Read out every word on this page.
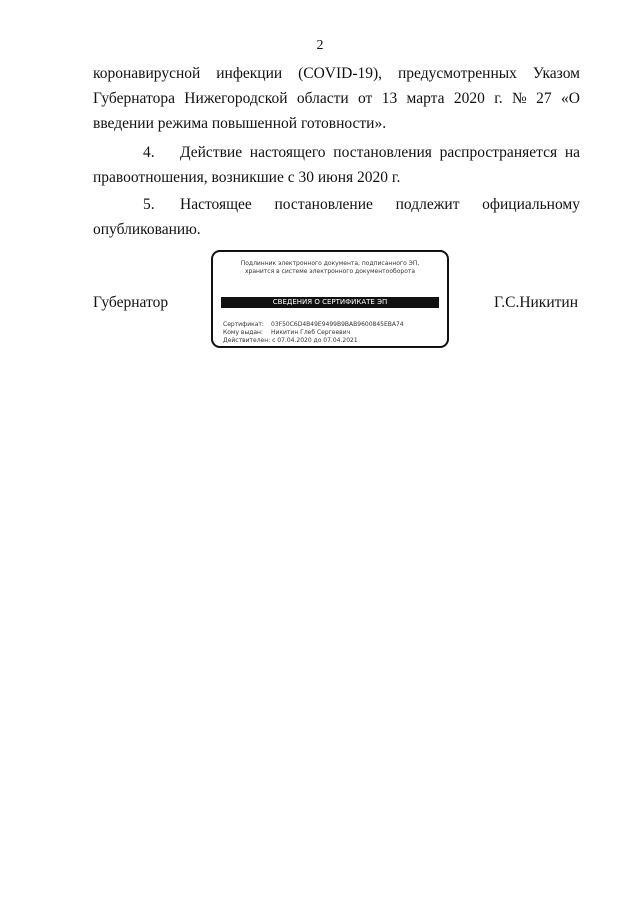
2
коронавирусной инфекции (COVID-19), предусмотренных Указом
Губернатора Нижегородской области от 13 марта 2020 г. № 27 «О
введении режима повышенной готовности».

4. Действие настоящего постановления распространяется на правоотношения, возникшие с 30 июня 2020 г.

5. Настоящее постановление подлежит официальному опубликованию.

Губернатор
Подлинник электронного документа, подписанного ЭП,
хранится в системе электронного документооборота
СВЕДЕНИЯ О СЕРТИФИКАТЕ ЭП
Сертификат: 03F50C6D4B49E9499B9BAB9600845EBA74
Кому выдан: Никитин Глеб Сергеевич
Действителен: с 07.04.2020 до 07.04.2021
Г.С.Никитин
